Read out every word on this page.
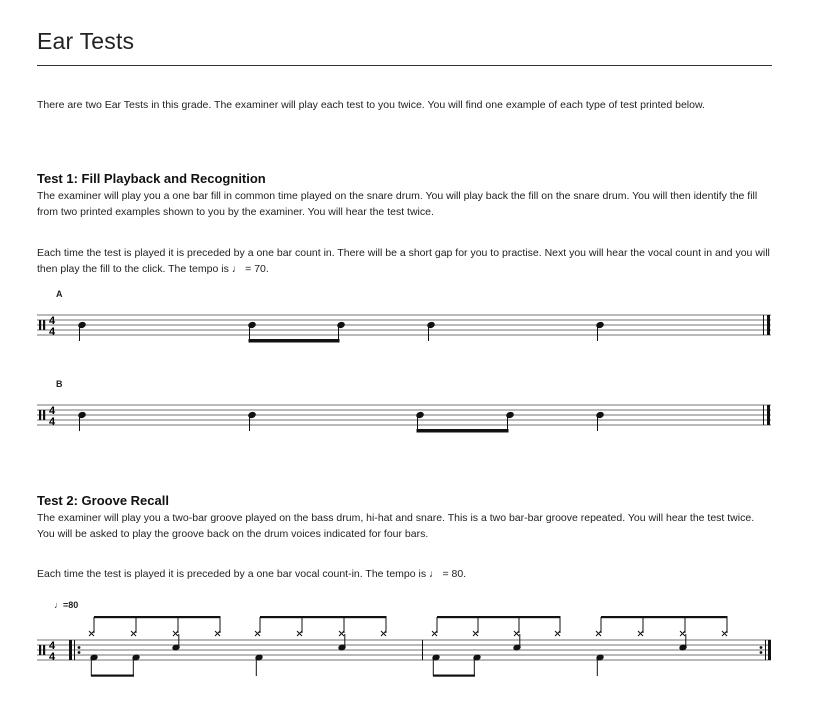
Ear Tests
There are two Ear Tests in this grade. The examiner will play each test to you twice. You will find one example of each type of test printed below.
Test 1: Fill Playback and Recognition
The examiner will play you a one bar fill in common time played on the snare drum. You will play back the fill on the snare drum. You will then identify the fill from two printed examples shown to you by the examiner. You will hear the test twice.
Each time the test is played it is preceded by a one bar count in. There will be a short gap for you to practise. Next you will hear the vocal count in and you will then play the fill to the click. The tempo is ♩ = 70.
A
4
4
B
4
4
Test 2: Groove Recall
The examiner will play you a two-bar groove played on the bass drum, hi-hat and snare. This is a two bar-bar groove repeated. You will hear the test twice. You will be asked to play the groove back on the drum voices indicated for four bars.
Each time the test is played it is preceded by a one bar vocal count-in. The tempo is ♩ = 80.
♩=80
4
4
